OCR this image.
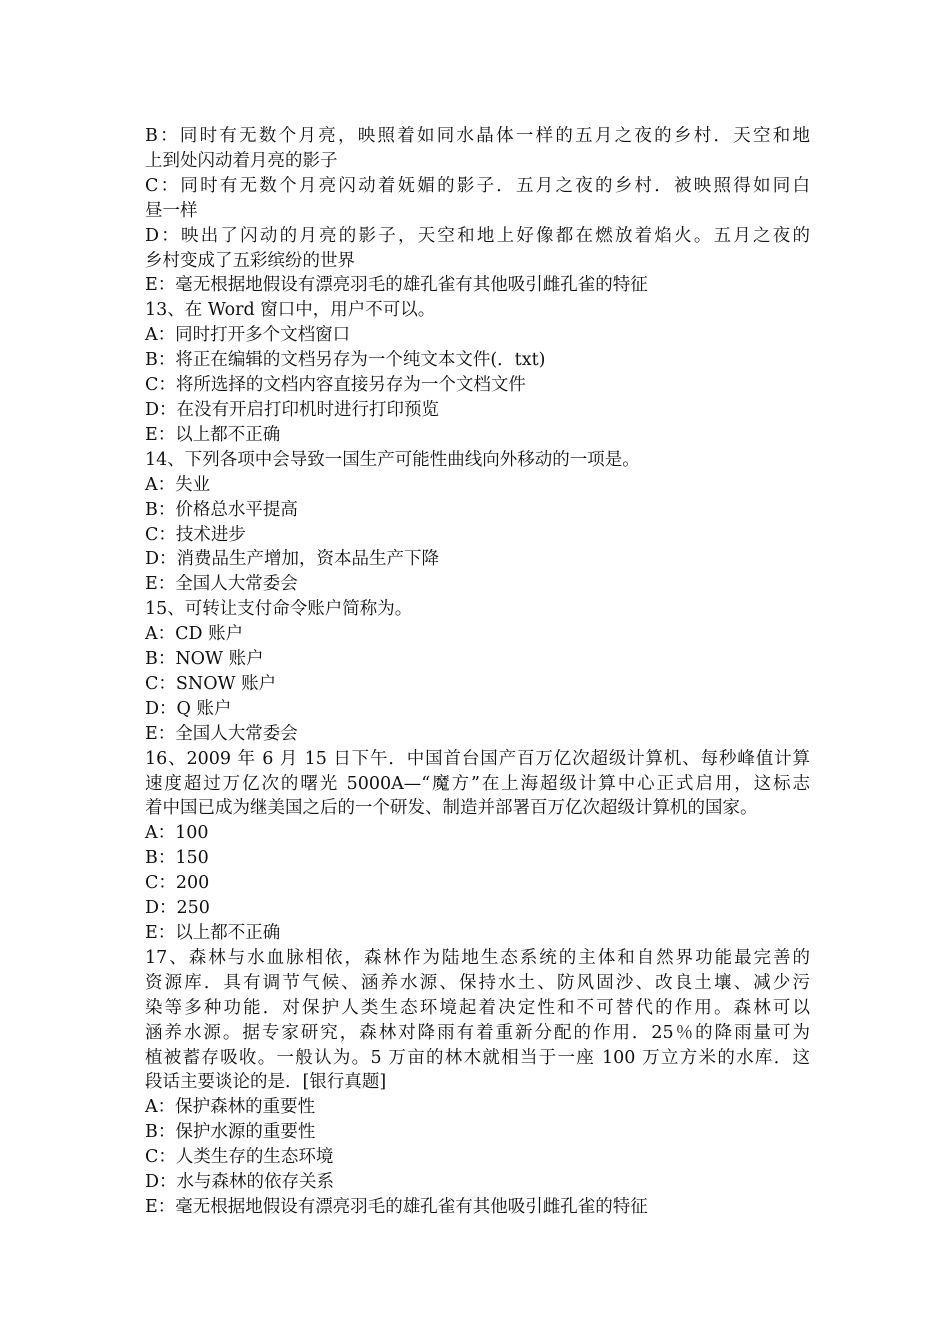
B：同时有无数个月亮，映照着如同水晶体一样的五月之夜的乡村．天空和地

上到处闪动着月亮的影子

C：同时有无数个月亮闪动着妩媚的影子．五月之夜的乡村．被映照得如同白

昼一样

D：映出了闪动的月亮的影子，天空和地上好像都在燃放着焰火。五月之夜的

乡村变成了五彩缤纷的世界

E：毫无根据地假设有漂亮羽毛的雄孔雀有其他吸引雌孔雀的特征

13、在 Word 窗口中，用户不可以。

A：同时打开多个文档窗口

B：将正在编辑的文档另存为一个纯文本文件(．txt)

C：将所选择的文档内容直接另存为一个文档文件

D：在没有开启打印机时进行打印预览

E：以上都不正确

14、下列各项中会导致一国生产可能性曲线向外移动的一项是。

A：失业

B：价格总水平提高

C：技术进步

D：消费品生产增加，资本品生产下降

E：全国人大常委会

15、可转让支付命令账户简称为。

A：CD 账户

B：NOW 账户

C：SNOW 账户

D：Q 账户

E：全国人大常委会

16、2009 年 6 月 15 日下午．中国首台国产百万亿次超级计算机、每秒峰值计算

速度超过万亿次的曙光 5000A—“魔方”在上海超级计算中心正式启用，这标志

着中国已成为继美国之后的一个研发、制造并部署百万亿次超级计算机的国家。

A：100

B：150

C：200

D：250

E：以上都不正确

17、森林与水血脉相依，森林作为陆地生态系统的主体和自然界功能最完善的

资源库．具有调节气候、涵养水源、保持水土、防风固沙、改良土壤、减少污

染等多种功能．对保护人类生态环境起着决定性和不可替代的作用。森林可以

涵养水源。据专家研究，森林对降雨有着重新分配的作用．25％的降雨量可为

植被蓄存吸收。一般认为。5 万亩的林木就相当于一座 100 万立方米的水库．这

段话主要谈论的是．[银行真题]

A：保护森林的重要性

B：保护水源的重要性

C：人类生存的生态环境

D：水与森林的依存关系

E：毫无根据地假设有漂亮羽毛的雄孔雀有其他吸引雌孔雀的特征
